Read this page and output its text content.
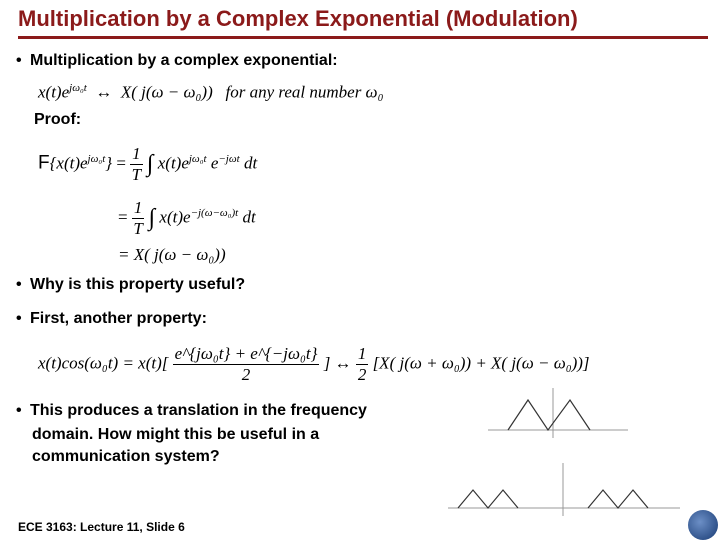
Multiplication by a Complex Exponential (Modulation)
• Multiplication by a complex exponential:
$x(t)e^{j\omega_0t}$ ↔ X( j(ω − ω₀)) for any real number ω₀
Proof:
$F\{x(t)e^{j\omega_0t}\} = \frac{1}{T}$ ∫ $x(t)e^{j\omega_0t}$ $e^{-j\omega t}$ dt
= $\frac{1}{T}$ ∫ $x(t)e^{-j(\omega-\omega_0)t}$ dt
= X( j(ω − ω₀))
• Why is this property useful?
• First, another property:
$x(t)\cos(\omega_0t) = x(t)[ \frac{\text{e\textasciicircum{}\{jω₀t\} + e\textasciicircum{}\{−jω₀t\}}}{2}$ ] ↔ $\frac{1}{2} [X$( j(ω + ω₀)) + X( j(ω − ω₀))]
• This produces a translation in the frequency
domain. How might this be useful in a
communication system?
ECE 3163: Lecture 11, Slide 6
